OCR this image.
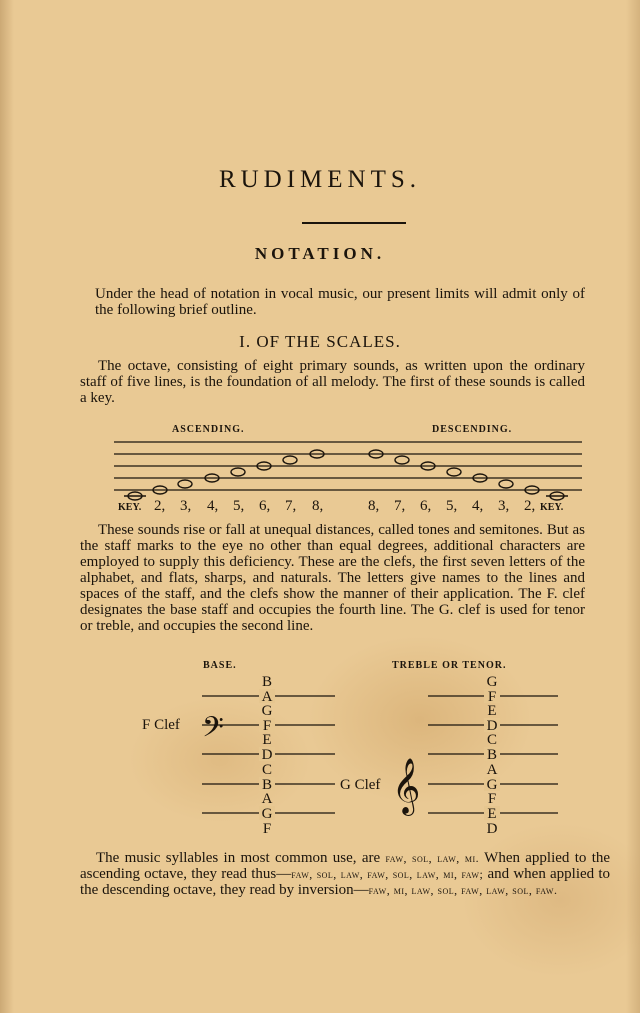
RUDIMENTS.
NOTATION.
Under the head of notation in vocal music, our present limits will admit only of the following brief outline.
I. OF THE SCALES.
The octave, consisting of eight primary sounds, as written upon the ordinary staff of five lines, is the foundation of all melody. The first of these sounds is called a key.
ASCENDING.	DESCENDING.
KEY. 2, 3, 4, 5, 6, 7, 8,	8, 7, 6, 5, 4, 3, 2, KEY.
These sounds rise or fall at unequal distances, called tones and semitones. But as the staff marks to the eye no other than equal degrees, additional characters are employed to supply this deficiency. These are the clefs, the first seven letters of the alphabet, and flats, sharps, and naturals. The letters give names to the lines and spaces of the staff, and the clefs show the manner of their application. The F. clef designates the base staff and occupies the fourth line. The G. clef is used for tenor or treble, and occupies the second line.
BASE.	TREBLE OR TENOR.
B
A
G
F
E
D
C
B
A
G
F
G
F
E
D
C
B
A
G
F
E
D
F Clef 𝄢
G Clef 𝄞
The music syllables in most common use, are faw, sol, law, mi. When applied to the ascending octave, they read thus—faw, sol, law, faw, sol, law, mi, faw; and when applied to the descending octave, they read by inversion—faw, mi, law, sol, faw, law, sol, faw.
